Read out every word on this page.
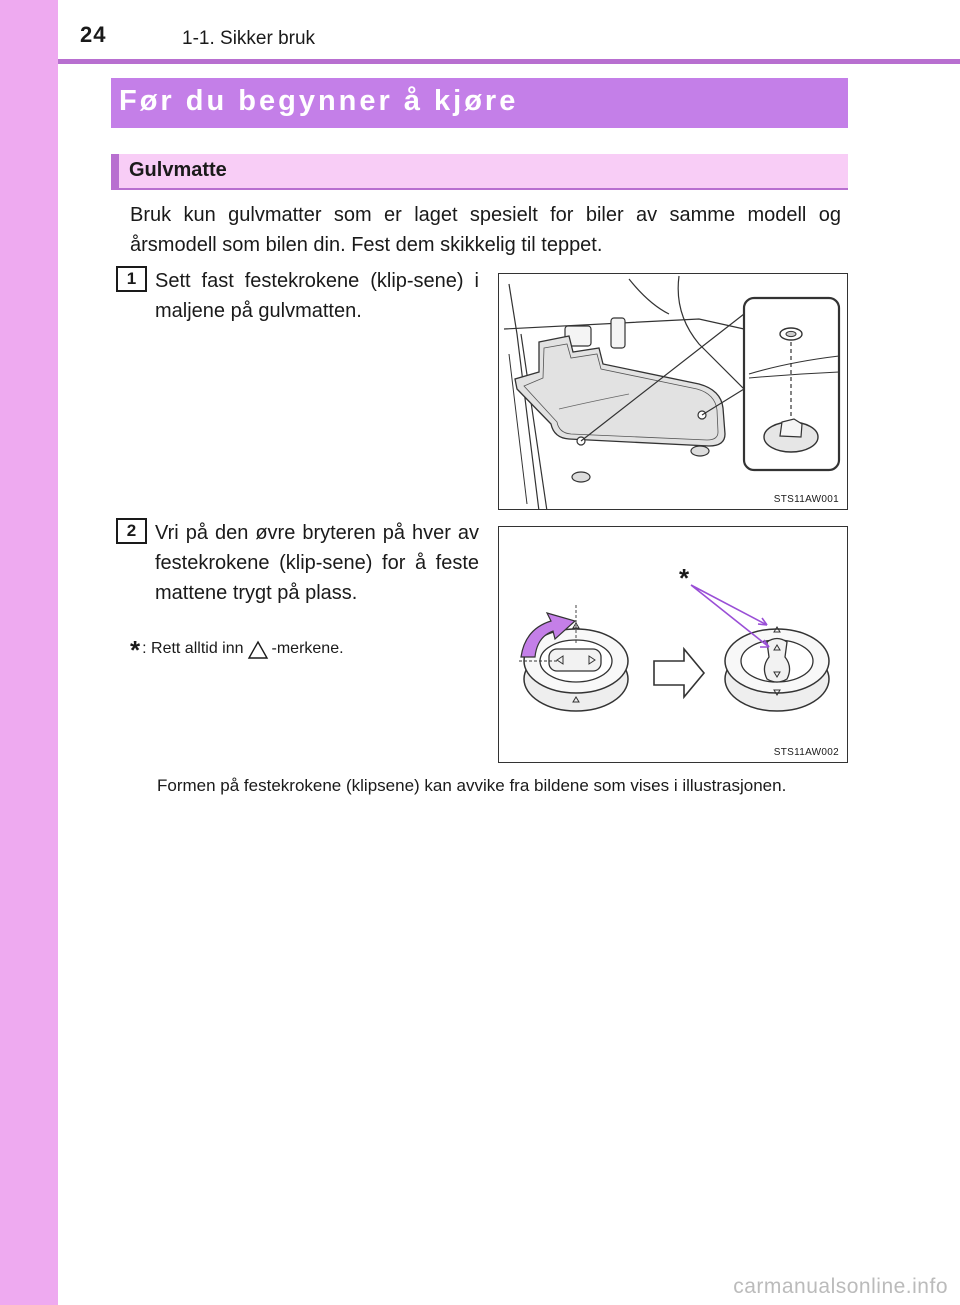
24	1-1. Sikker bruk
Før du begynner å kjøre
Gulvmatte

Bruk kun gulvmatter som er laget spesielt for biler av samme modell og årsmodell som bilen din. Fest dem skikkelig til teppet.

1 Sett fast festekrokene (klip-sene) i maljene på gulvmatten.

STS11AW001
2 Vri på den øvre bryteren på hver av festekrokene (klip-sene) for å feste mattene trygt på plass.

* : Rett alltid inn -merkene.
*
STS11AW002

Formen på festekrokene (klipsene) kan avvike fra bildene som vises i illustrasjonen.

carmanualsonline.info
